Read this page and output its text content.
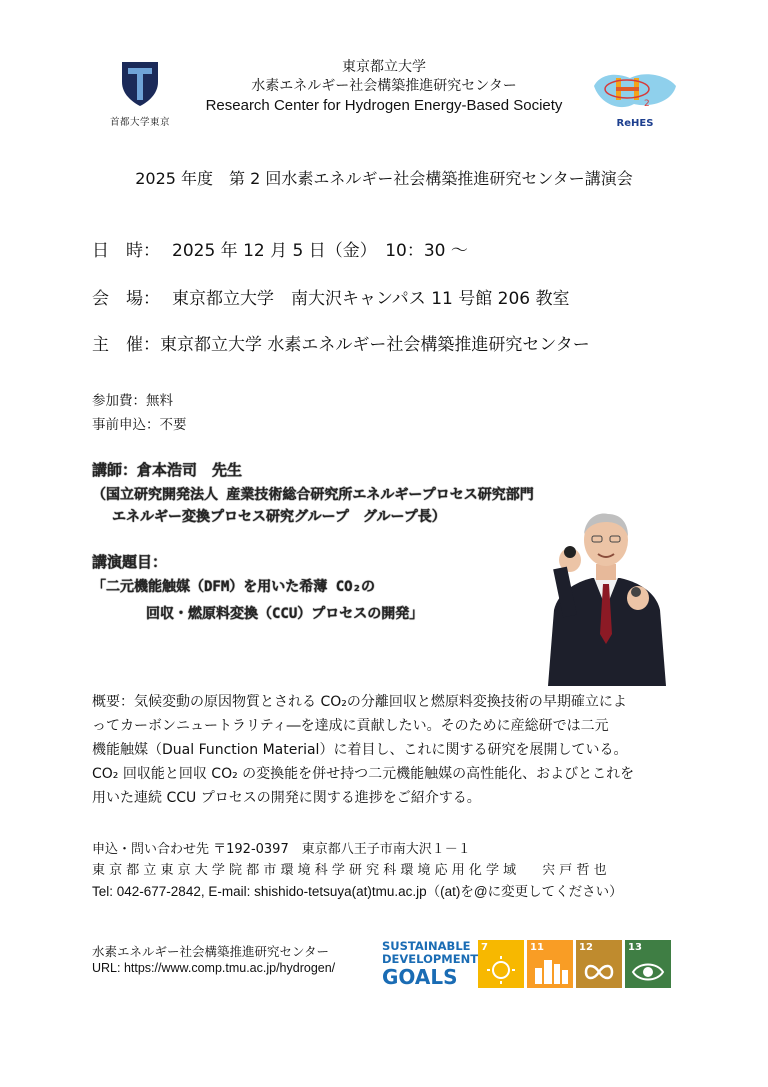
首都大学東京
2
ReHES
東京都立大学
水素エネルギー社会構築推進研究センター
Research Center for Hydrogen Energy-Based Society
2025 年度　第 2 回水素エネルギー社会構築推進研究センター講演会
日　時： 2025 年 12 月 5 日（金）　10：30 〜
会　場： 東京都立大学　南大沢キャンパス 11 号館 206 教室
主　催：東京都立大学 水素エネルギー社会構築推進研究センター
参加費：無料
事前申込：不要
講師：倉本浩司　先生
（国立研究開発法人 産業技術総合研究所エネルギープロセス研究部門
エネルギー変換プロセス研究グループ　グループ長）
講演題目：
「二元機能触媒（DFM）を用いた希薄 CO₂の
回収・燃原料変換（CCU）プロセスの開発」
概要：気候変動の原因物質とされる CO₂の分離回収と燃原料変換技術の早期確立によ
ってカーボンニュートラリティ―を達成に貢献したい。そのために産総研では二元
機能触媒（Dual Function Material）に着目し、これに関する研究を展開している。
CO₂ 回収能と回収 CO₂ の変換能を併せ持つ二元機能触媒の高性能化、およびとこれを
用いた連続 CCU プロセスの開発に関する進捗をご紹介する。
申込・問い合わせ先 〒192-0397　東京都八王子市南大沢１－１
東 京 都 立 東 京 大 学 院 都 市 環 境 科 学 研 究 科 環 境 応 用 化 学 域　　宍 戸 哲 也
Tel: 042-677-2842, E-mail: shishido-tetsuya(at)tmu.ac.jp（(at)を@に変更してください）
水素エネルギー社会構築推進研究センター
URL: https://www.comp.tmu.ac.jp/hydrogen/
SUSTAINABLE
DEVELOPMENT
GOALS
7	11	12	13
